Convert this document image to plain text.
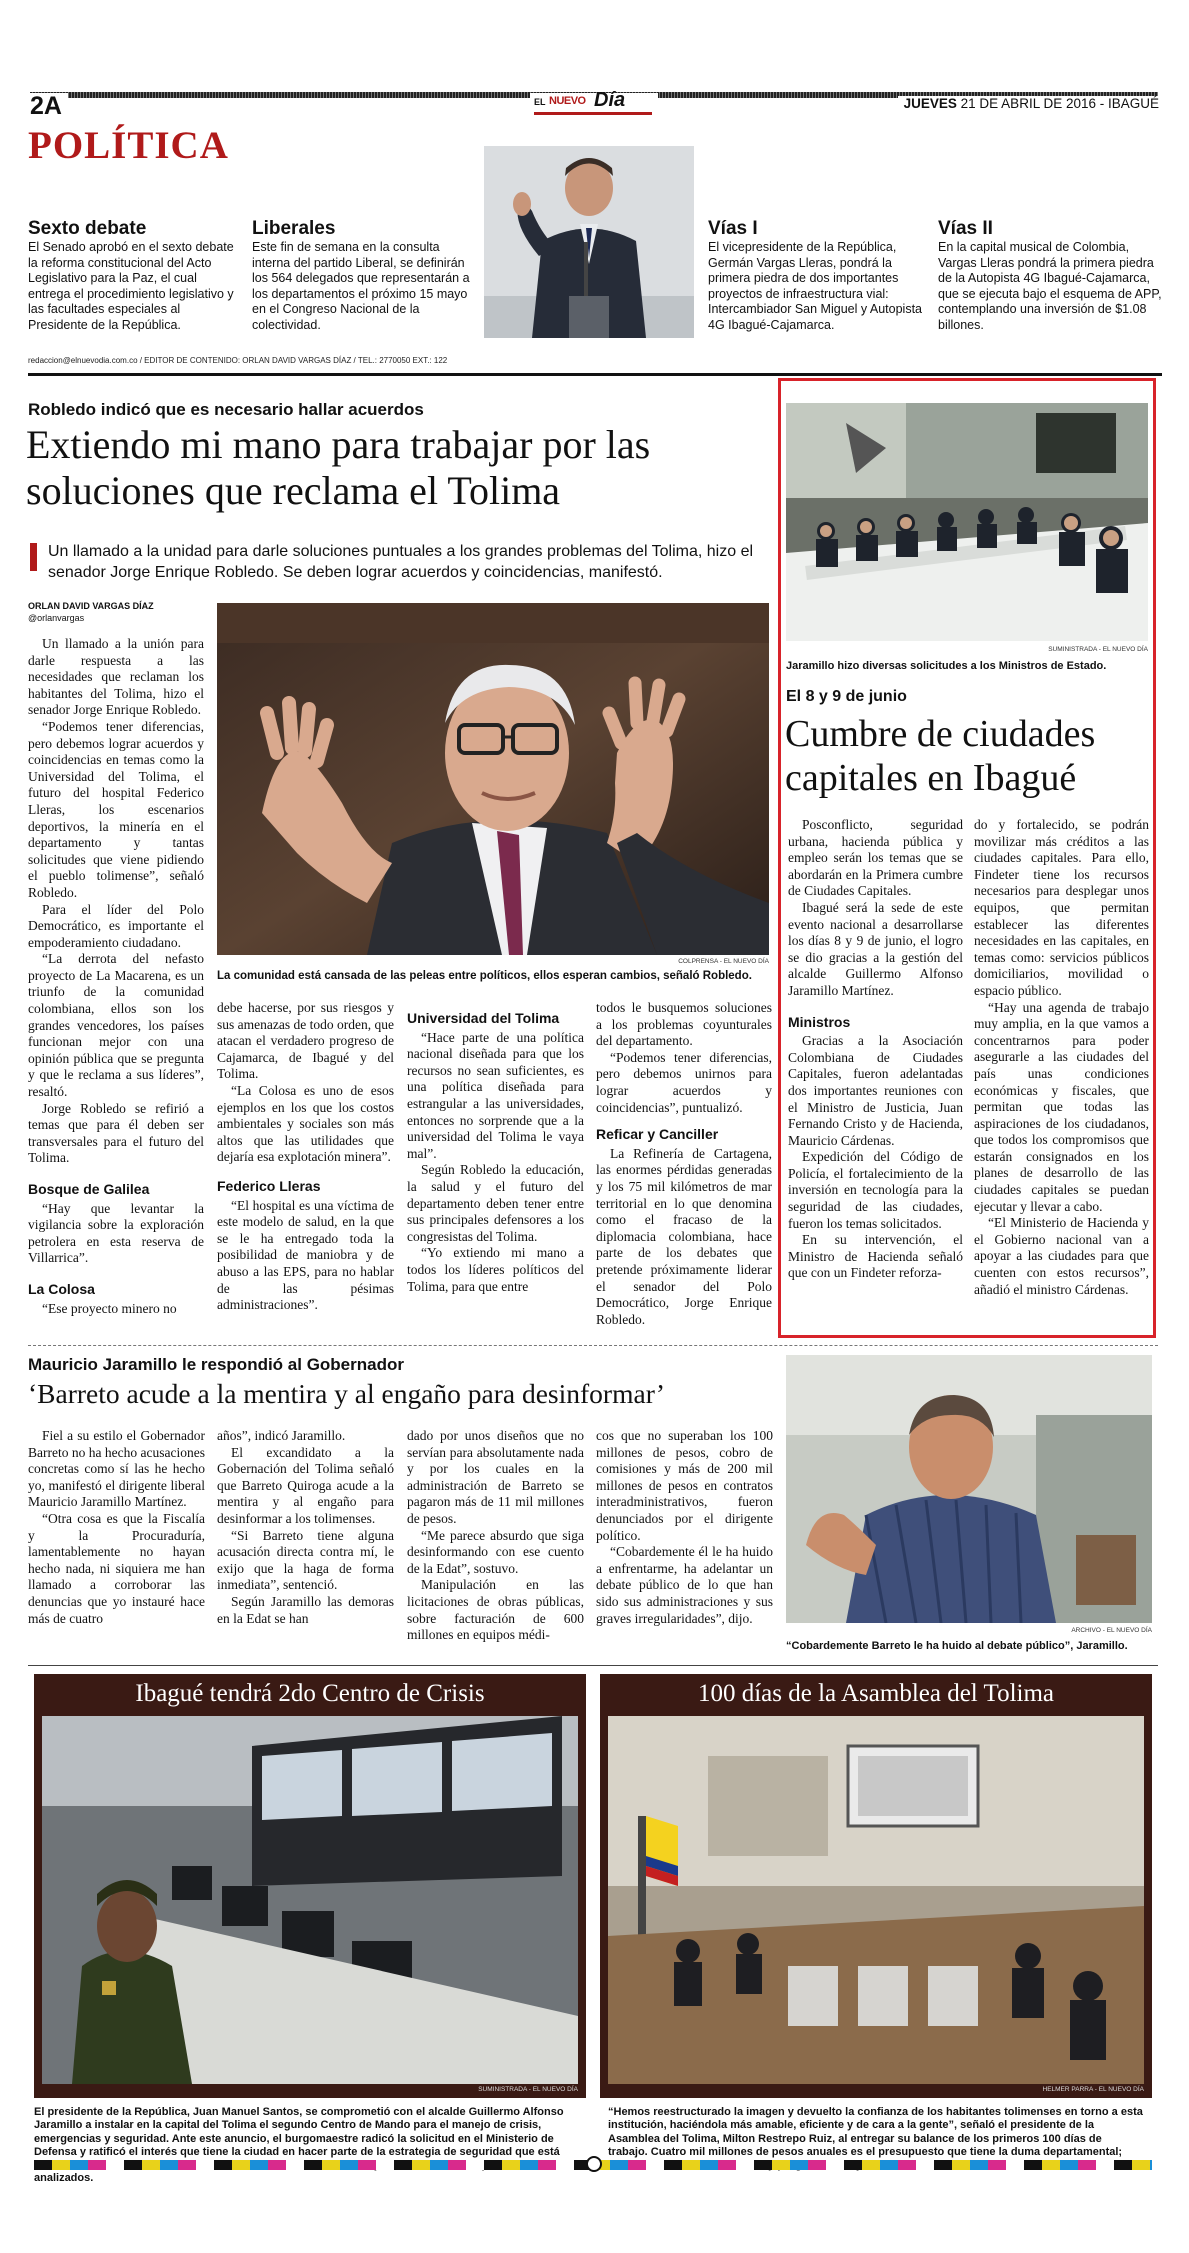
2A	EL NUEVO Día	JUEVES 21 DE ABRIL DE 2016 - IBAGUÉ
POLÍTICA
Sexto debate
El Senado aprobó en el sexto debate la reforma constitucional del Acto Legislativo para la Paz, el cual entrega el procedimiento legislativo y las facultades especiales al Presidente de la República.
Liberales
Este fin de semana en la consulta interna del partido Liberal, se definirán los 564 delegados que representarán a los departamentos el próximo 15 mayo en el Congreso Nacional de la colectividad.
Vías I
El vicepresidente de la República, Germán Vargas Lleras, pondrá la primera piedra de dos importantes proyectos de infraestructura vial: Intercambiador San Miguel y Autopista 4G Ibagué-Cajamarca.
Vías II
En la capital musical de Colombia, Vargas Lleras pondrá la primera piedra de la Autopista 4G Ibagué-Cajamarca, que se ejecuta bajo el esquema de APP, contemplando una inversión de $1.08 billones.
redaccion@elnuevodia.com.co / EDITOR DE CONTENIDO: ORLAN DAVID VARGAS DÍAZ / TEL.: 2770050 EXT.: 122
Robledo indicó que es necesario hallar acuerdos
Extiendo mi mano para trabajar por las soluciones que reclama el Tolima
Un llamado a la unidad para darle soluciones puntuales a los grandes problemas del Tolima, hizo el senador Jorge Enrique Robledo. Se deben lograr acuerdos y coincidencias, manifestó.
ORLAN DAVID VARGAS DÍAZ
@orlanvargas
COLPRENSA - EL NUEVO DÍA
La comunidad está cansada de las peleas entre políticos, ellos esperan cambios, señaló Robledo.

Un llamado a la unión para darle respuesta a las necesidades que reclaman los habitantes del Tolima, hizo el senador Jorge Enrique Robledo.

“Podemos tener diferencias, pero debemos lograr acuerdos y coincidencias en temas como la Universidad del Tolima, el futuro del hospital Federico Lleras, los escenarios deportivos, la minería en el departamento y tantas solicitudes que viene pidiendo el pueblo tolimense”, señaló Robledo.

Para el líder del Polo Democrático, es importante el empoderamiento ciudadano.

“La derrota del nefasto proyecto de La Macarena, es un triunfo de la comunidad colombiana, ellos son los grandes vencedores, los países funcionan mejor con una opinión pública que se pregunta y que le reclama a sus líderes”, resaltó.

Jorge Robledo se refirió a temas que para él deben ser transversales para el futuro del Tolima.

Bosque de Galilea

“Hay que levantar la vigilancia sobre la exploración petrolera en esta reserva de Villarrica”.

La Colosa

“Ese proyecto minero no

debe hacerse, por sus riesgos y sus amenazas de todo orden, que atacan el verdadero progreso de Cajamarca, de Ibagué y del Tolima.

“La Colosa es uno de esos ejemplos en los que los costos ambientales y sociales son más altos que las utilidades que dejaría esa explotación minera”.

Federico Lleras

“El hospital es una víctima de este modelo de salud, en la que se le ha entregado toda la posibilidad de maniobra y de abuso a las EPS, para no hablar de las pésimas administraciones”.

Universidad del Tolima

“Hace parte de una política nacional diseñada para que los recursos no sean suficientes, es una política diseñada para estrangular a las universidades, entonces no sorprende que a la universidad del Tolima le vaya mal”.

Según Robledo la educación, la salud y el futuro del departamento deben tener entre sus principales defensores a los congresistas del Tolima.

“Yo extiendo mi mano a todos los líderes políticos del Tolima, para que entre

todos le busquemos soluciones a los problemas coyunturales del departamento.

“Podemos tener diferencias, pero debemos unirnos para lograr acuerdos y coincidencias”, puntualizó.

Reficar y Canciller

La Refinería de Cartagena, las enormes pérdidas generadas y los 75 mil kilómetros de mar territorial en lo que denomina como el fracaso de la diplomacia colombiana, hace parte de los debates que pretende próximamente liderar el senador del Polo Democrático, Jorge Enrique Robledo.

SUMINISTRADA - EL NUEVO DÍA
Jaramillo hizo diversas solicitudes a los Ministros de Estado.
El 8 y 9 de junio
Cumbre de ciudades capitales en Ibagué

Posconflicto, seguridad urbana, hacienda pública y empleo serán los temas que se abordarán en la Primera cumbre de Ciudades Capitales.

Ibagué será la sede de este evento nacional a desarrollarse los días 8 y 9 de junio, el logro se dio gracias a la gestión del alcalde Guillermo Alfonso Jaramillo Martínez.

Ministros

Gracias a la Asociación Colombiana de Ciudades Capitales, fueron adelantadas dos importantes reuniones con el Ministro de Justicia, Juan Fernando Cristo y de Hacienda, Mauricio Cárdenas.

Expedición del Código de Policía, el fortalecimiento de la inversión en tecnología para la seguridad de las ciudades, fueron los temas solicitados.

En su intervención, el Ministro de Hacienda señaló que con un Findeter reforza-

do y fortalecido, se podrán movilizar más créditos a las ciudades capitales. Para ello, Findeter tiene los recursos necesarios para desplegar unos equipos, que permitan establecer las diferentes necesidades en las capitales, en temas como: servicios públicos domiciliarios, movilidad o espacio público.

“Hay una agenda de trabajo muy amplia, en la que vamos a concentrarnos para poder asegurarle a las ciudades del país unas condiciones económicas y fiscales, que permitan que todas las aspiraciones de los ciudadanos, que todos los compromisos que estarán consignados en los planes de desarrollo de las ciudades capitales se puedan ejecutar y llevar a cabo.

“El Ministerio de Hacienda y el Gobierno nacional van a apoyar a las ciudades para que cuenten con estos recursos”, añadió el ministro Cárdenas.

Mauricio Jaramillo le respondió al Gobernador
‘Barreto acude a la mentira y al engaño para desinformar’

Fiel a su estilo el Gobernador Barreto no ha hecho acusaciones concretas como sí las he hecho yo, manifestó el dirigente liberal Mauricio Jaramillo Martínez.

“Otra cosa es que la Fiscalía y la Procuraduría, lamentablemente no hayan hecho nada, ni siquiera me han llamado a corroborar las denuncias que yo instauré hace más de cuatro

años”, indicó Jaramillo.

El excandidato a la Gobernación del Tolima señaló que Barreto Quiroga acude a la mentira y al engaño para desinformar a los tolimenses.

“Si Barreto tiene alguna acusación directa contra mí, le exijo que la haga de forma inmediata”, sentenció.

Según Jaramillo las demoras en la Edat se han

dado por unos diseños que no servían para absolutamente nada y por los cuales en la administración de Barreto se pagaron más de 11 mil millones de pesos.

“Me parece absurdo que siga desinformando con ese cuento de la Edat”, sostuvo.

Manipulación en las licitaciones de obras públicas, sobre facturación de 600 millones en equipos médi-

cos que no superaban los 100 millones de pesos, cobro de comisiones y más de 200 mil millones de pesos en contratos interadministrativos, fueron denunciados por el dirigente político.

“Cobardemente él le ha huido a enfrentarme, ha adelantar un debate público de lo que han sido sus administraciones y sus graves irregularidades”, dijo.

ARCHIVO - EL NUEVO DÍA
“Cobardemente Barreto le ha huido al debate público”, Jaramillo.
Ibagué tendrá 2do Centro de Crisis
SUMINISTRADA - EL NUEVO DÍA
El presidente de la República, Juan Manuel Santos, se comprometió con el alcalde Guillermo Alfonso Jaramillo a instalar en la capital del Tolima el segundo Centro de Mando para el manejo de crisis, emergencias y seguridad. Ante este anuncio, el burgomaestre radicó la solicitud en el Ministerio de Defensa y ratificó el interés que tiene la ciudad en hacer parte de la estrategia de seguridad que está analizados.
100 días de la Asamblea del Tolima
HELMER PARRA - EL NUEVO DÍA
“Hemos reestructurado la imagen y devuelto la confianza de los habitantes tolimenses en torno a esta institución, haciéndola más amable, eficiente y de cara a la gente”, señaló el presidente de la Asamblea del Tolima, Milton Restrepo Ruiz, al entregar su balance de los primeros 100 días de trabajo. Cuatro mil millones de pesos anuales es el presupuesto que tiene la duma departamental;
